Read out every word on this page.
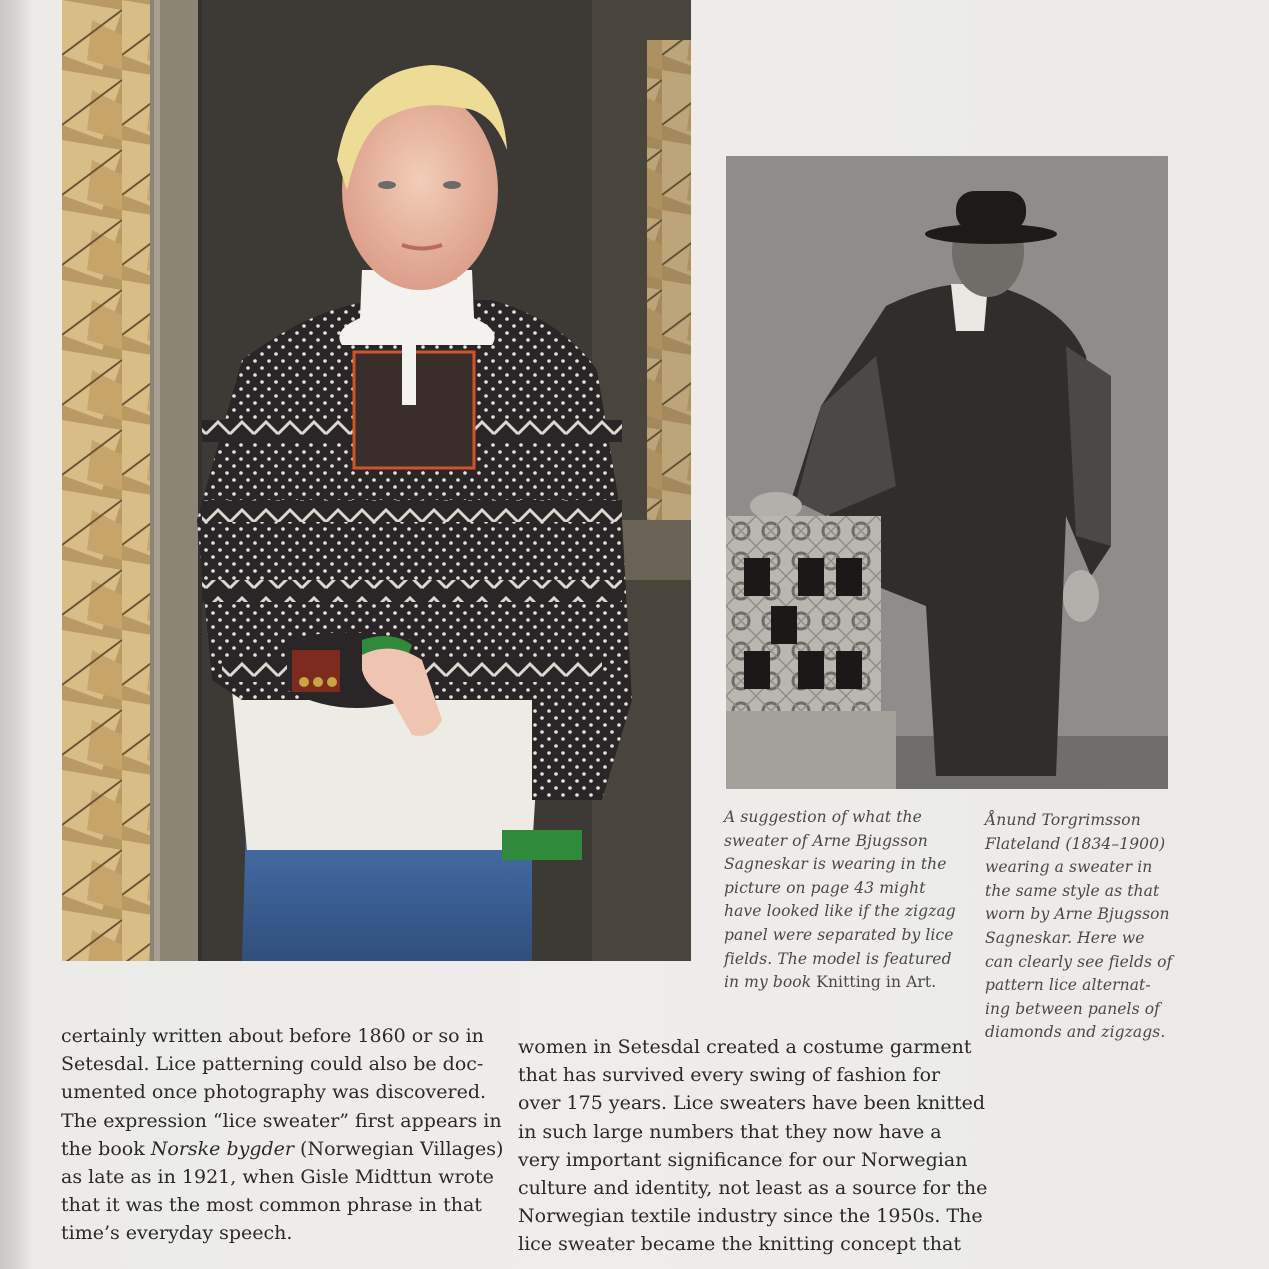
A suggestion of what the
sweater of Arne Bjugsson
Sagneskar is wearing in the
picture on page 43 might
have looked like if the zigzag
panel were separated by lice
fields. The model is featured
in my book Knitting in Art.
Ånund Torgrimsson
Flateland (1834–1900)
wearing a sweater in
the same style as that
worn by Arne Bjugsson
Sagneskar. Here we
can clearly see fields of
pattern lice alternat-
ing between panels of
diamonds and zigzags.
certainly written about before 1860 or so in
Setesdal. Lice patterning could also be doc-
umented once photography was discovered.
The expression “lice sweater” first appears in
the book Norske bygder (Norwegian Villages)
as late as in 1921, when Gisle Midttun wrote
that it was the most common phrase in that
time’s everyday speech.
women in Setesdal created a costume garment
that has survived every swing of fashion for
over 175 years. Lice sweaters have been knitted
in such large numbers that they now have a
very important significance for our Norwegian
culture and identity, not least as a source for the
Norwegian textile industry since the 1950s. The
lice sweater became the knitting concept that
